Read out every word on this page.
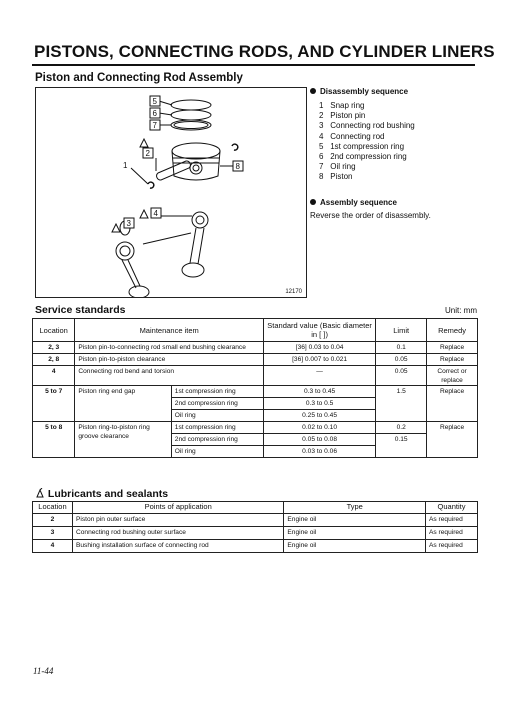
PISTONS, CONNECTING RODS, AND CYLINDER LINERS
Piston and Connecting Rod Assembly
5
6
7
2
1	8
3
4
12170
Disassembly sequence
1 Snap ring
2 Piston pin
3 Connecting rod bushing
4 Connecting rod
5 1st compression ring
6 2nd compression ring
7 Oil ring
8 Piston
Assembly sequence
Reverse the order of disassembly.
Service standards	Unit: mm
Location	Maintenance item		Standard value (Basic diameter in [ ])	Limit	Remedy
2, 3	Piston pin-to-connecting rod small end bushing clearance		[36] 0.03 to 0.04	0.1	Replace
2, 8	Piston pin-to-piston clearance		[36] 0.007 to 0.021	0.05	Replace
4	Connecting rod bend and torsion		—	0.05	Correct or replace
5 to 7	Piston ring end gap	1st compression ring	0.3 to 0.45	1.5	Replace
		2nd compression ring	0.3 to 0.5		
		Oil ring	0.25 to 0.45		
5 to 8	Piston ring-to-piston ring groove clearance	1st compression ring	0.02 to 0.10	0.2	Replace
		2nd compression ring	0.05 to 0.08	0.15	
		Oil ring	0.03 to 0.06		
Lubricants and sealants
Location	Points of application	Type	Quantity
2	Piston pin outer surface	Engine oil	As required
3	Connecting rod bushing outer surface	Engine oil	As required
4	Bushing installation surface of connecting rod	Engine oil	As required
11-44
